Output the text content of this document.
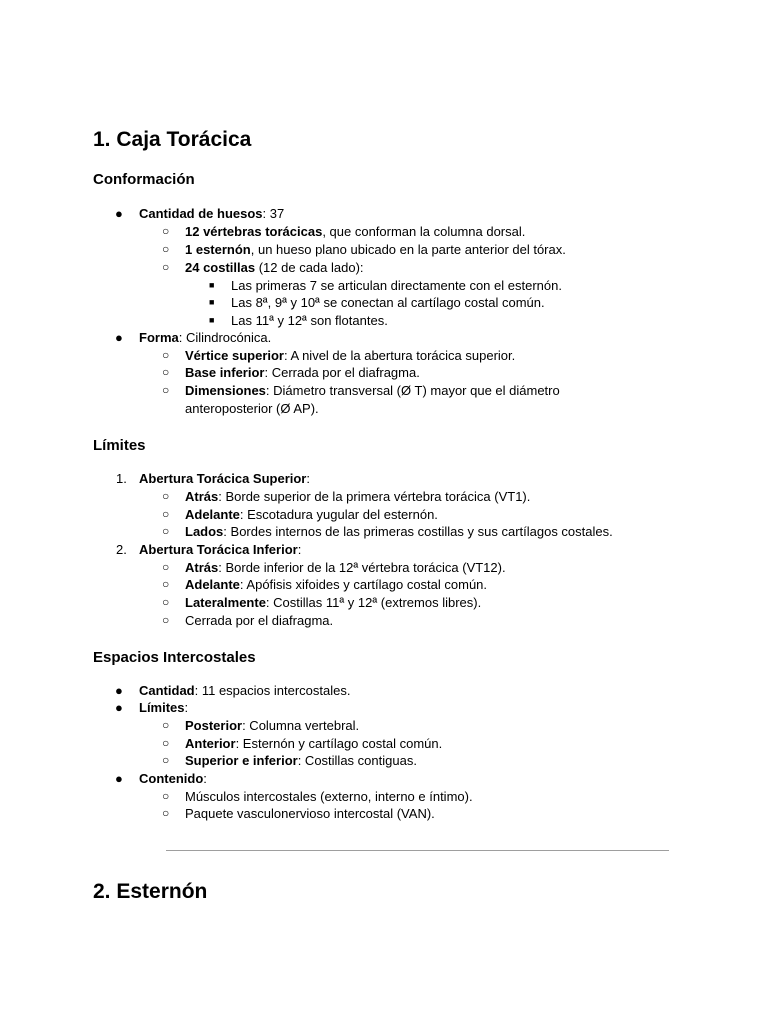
1. Caja Torácica
Conformación
●	Cantidad de huesos: 37
○	12 vértebras torácicas, que conforman la columna dorsal.
○	1 esternón, un hueso plano ubicado en la parte anterior del tórax.
○	24 costillas (12 de cada lado):
■	Las primeras 7 se articulan directamente con el esternón.
■	Las 8ª, 9ª y 10ª se conectan al cartílago costal común.
■	Las 11ª y 12ª son flotantes.
●	Forma: Cilindrocónica.
○	Vértice superior: A nivel de la abertura torácica superior.
○	Base inferior: Cerrada por el diafragma.
○	Dimensiones: Diámetro transversal (Ø T) mayor que el diámetro
anteroposterior (Ø AP).
Límites
1. Abertura Torácica Superior:
○	Atrás: Borde superior de la primera vértebra torácica (VT1).
○	Adelante: Escotadura yugular del esternón.
○	Lados: Bordes internos de las primeras costillas y sus cartílagos costales.
2. Abertura Torácica Inferior:
○	Atrás: Borde inferior de la 12ª vértebra torácica (VT12).
○	Adelante: Apófisis xifoides y cartílago costal común.
○	Lateralmente: Costillas 11ª y 12ª (extremos libres).
○	Cerrada por el diafragma.
Espacios Intercostales
●	Cantidad: 11 espacios intercostales.
●	Límites:
○	Posterior: Columna vertebral.
○	Anterior: Esternón y cartílago costal común.
○	Superior e inferior: Costillas contiguas.
●	Contenido:
○	Músculos intercostales (externo, interno e íntimo).
○	Paquete vasculonervioso intercostal (VAN).
2. Esternón
